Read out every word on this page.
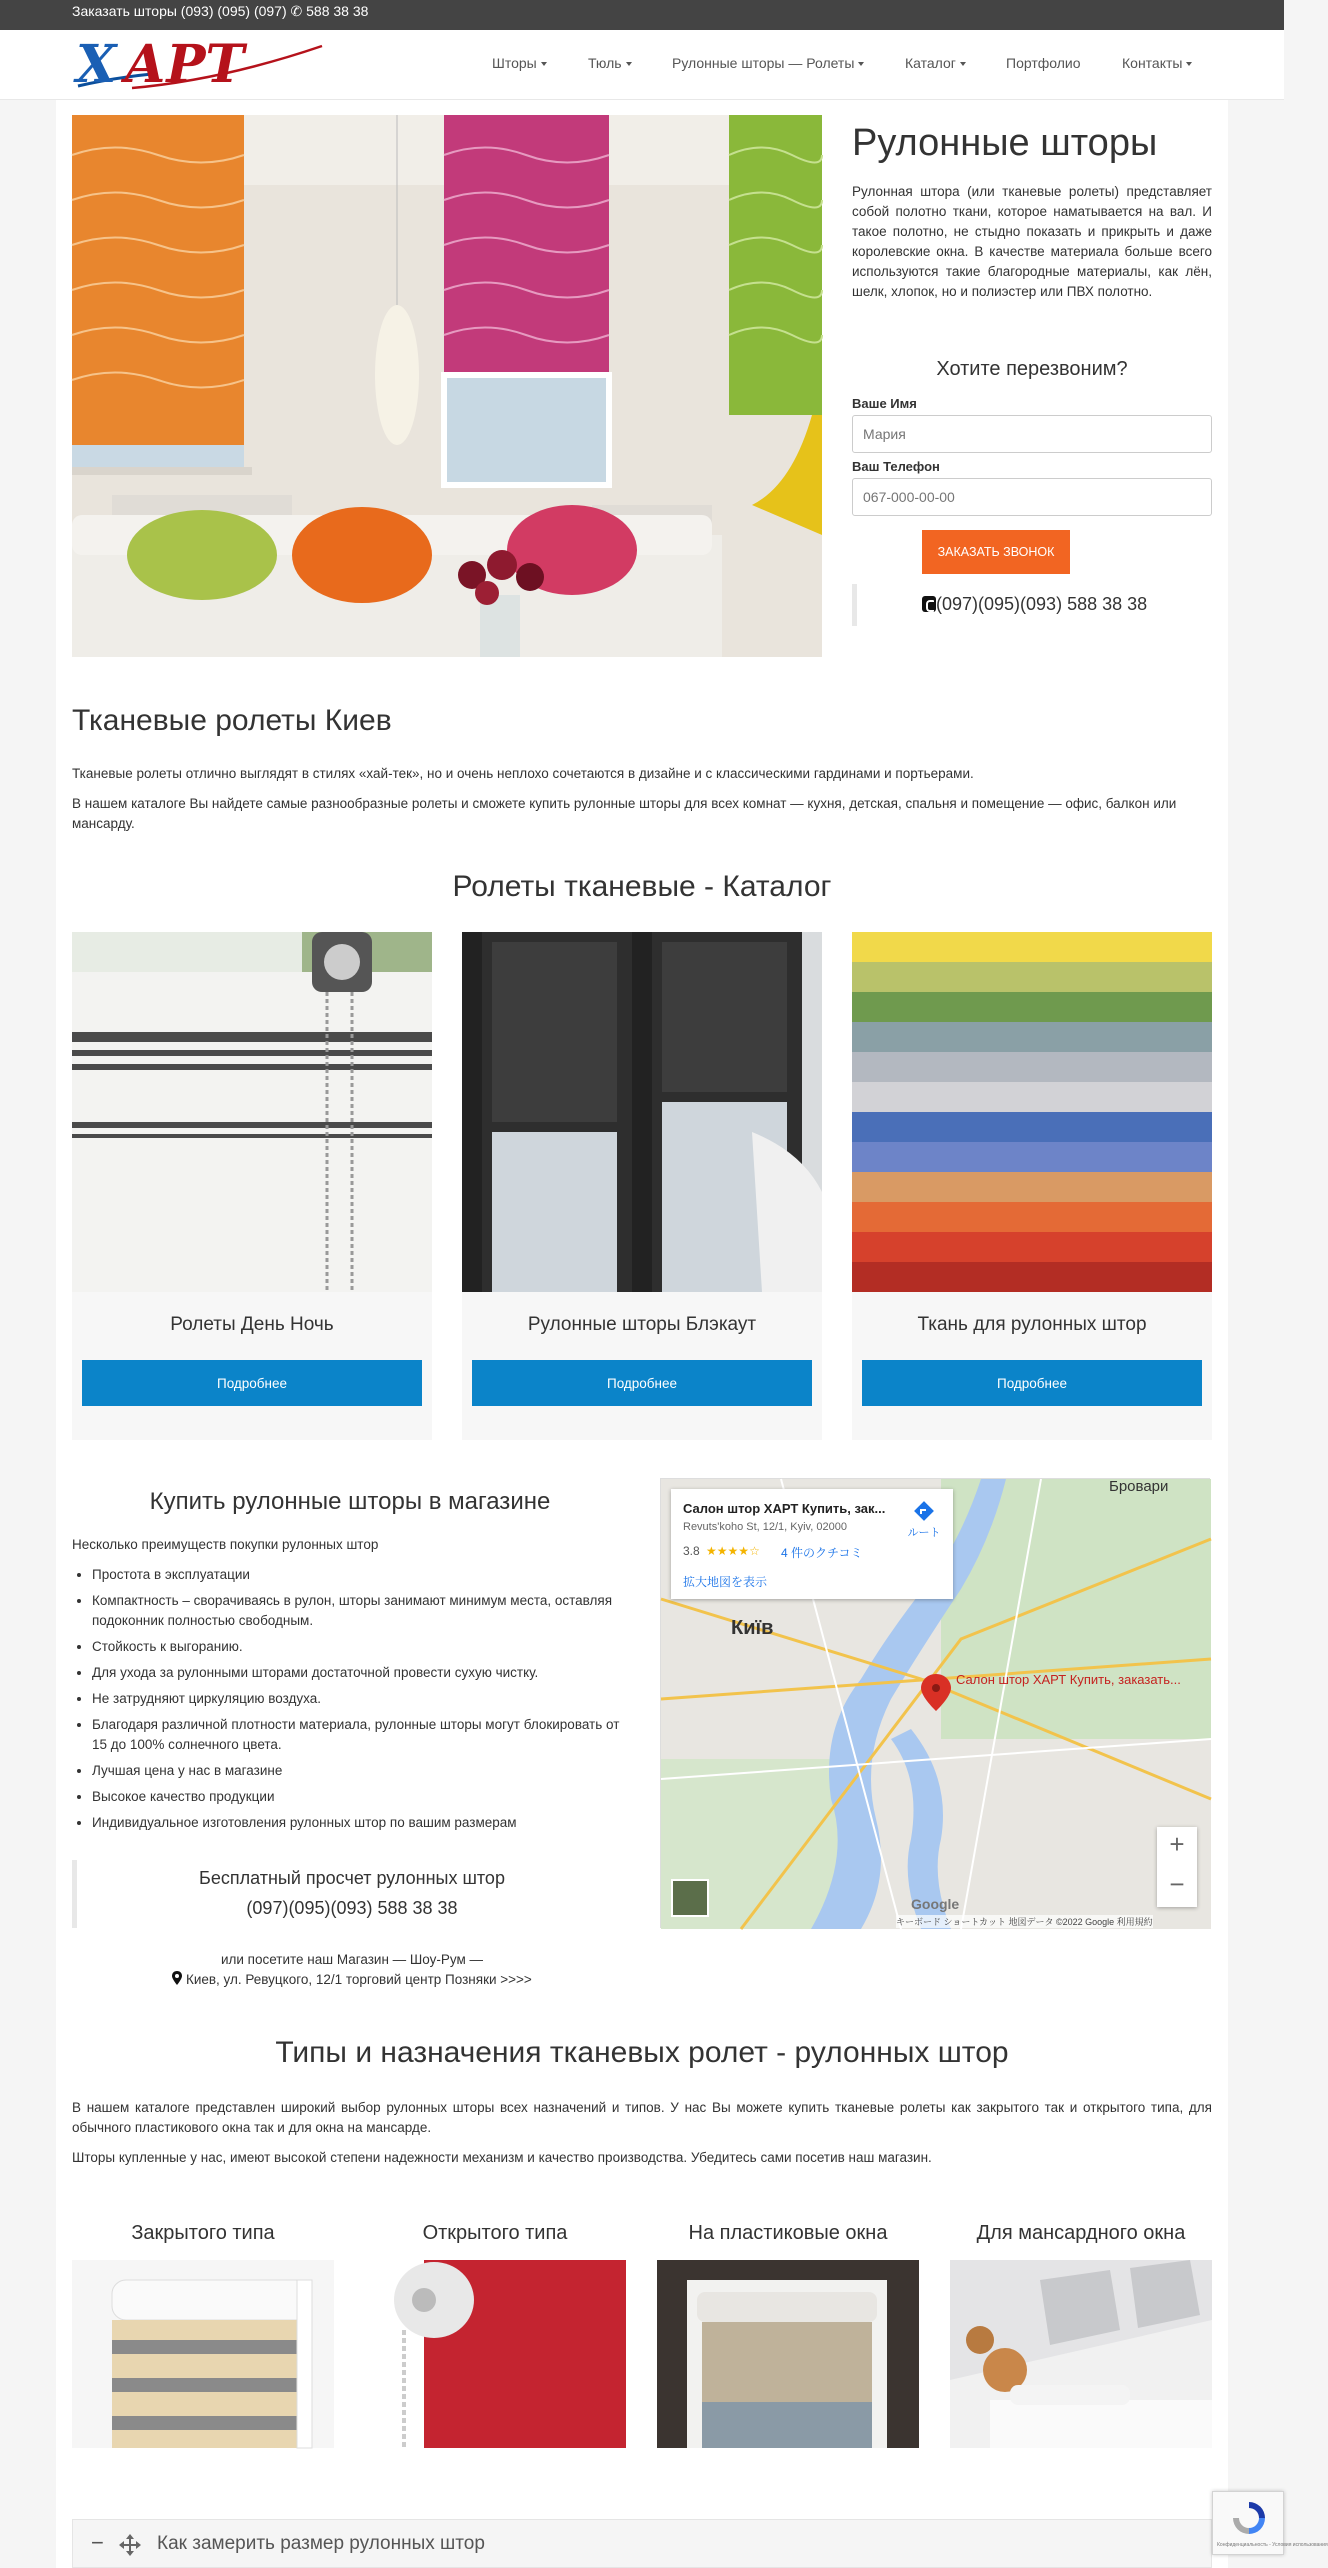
Заказать шторы (093) (095) (097) ✆ 588 38 38
Х АРТ	Шторы	Тюль	Рулонные шторы — Ролеты	Каталог	Портфолио	Контакты
Рулонные шторы

Рулонная штора (или тканевые ролеты) представляет собой полотно ткани, которое наматывается на вал. И такое полотно, не стыдно показать и прикрыть и даже королевские окна. В качестве материала больше всего используются такие благородные материалы, как лён, шелк, хлопок, но и полиэстер или ПВХ полотно.

Хотите перезвоним?
Ваше Имя
Мария
Ваш Телефон
067-000-00-00
ЗАКАЗАТЬ ЗВОНОК
(097)(095)(093) 588 38 38
Тканевые ролеты Киев

Тканевые ролеты отлично выглядят в стилях «хай-тек», но и очень неплохо сочетаются в дизайне и с классическими гардинами и портьерами.

В нашем каталоге Вы найдете самые разнообразные ролеты и сможете купить рулонные шторы для всех комнат — кухня, детская, спальня и помещение — офис, балкон или мансарду.

Ролеты тканевые - Каталог
Ролеты День Ночь
Подробнее
Рулонные шторы Блэкаут
Подробнее
Ткань для рулонных штор
Подробнее
Купить рулонные шторы в магазине

Несколько преимуществ покупки рулонных штор

• Простота в эксплуатации
• Компактность – сворачиваясь в рулон, шторы занимают минимум места, оставляя подоконник полностью свободным.
• Стойкость к выгоранию.
• Для ухода за рулонными шторами достаточной провести сухую чистку.
• Не затрудняют циркуляцию воздуха.
• Благодаря различной плотности материала, рулонные шторы могут блокировать от 15 до 100% солнечного цвета.
• Лучшая цена у нас в магазине
• Высокое качество продукции
• Индивидуальное изготовления рулонных штор по вашим размерам
Бесплатный просчет рулонных штор
(097)(095)(093) 588 38 38
или посетите наш Магазин — Шоу-Рум —
Киев, ул. Ревуцкого, 12/1 торговий центр Позняки >>>>
Київ
Бровари
Салон штор ХАРТ Купить, заказать...
Салон штор ХАРТ Купить, зак...
Revuts'koho St, 12/1, Kyiv, 02000
3.8 ★★★★☆ 4 件のクチコミ
拡大地図を表示
ルート
+
−
Google
キーボード ショートカット 地図データ ©2022 Google 利用規約
Типы и назначения тканевых ролет - рулонных штор

В нашем каталоге представлен широкий выбор рулонных шторы всех назначений и типов. У нас Вы можете купить тканевые ролеты как закрытого так и открытого типа, для обычного пластикового окна так и для окна на мансарде.

Шторы купленные у нас, имеют высокой степени надежности механизм и качество производства. Убедитесь сами посетив наш магазин.

Закрытого типа	Открытого типа	На пластиковые окна	Для мансардного окна
−	Как замерить размер рулонных штор	Конфиденциальность - Условия использования
